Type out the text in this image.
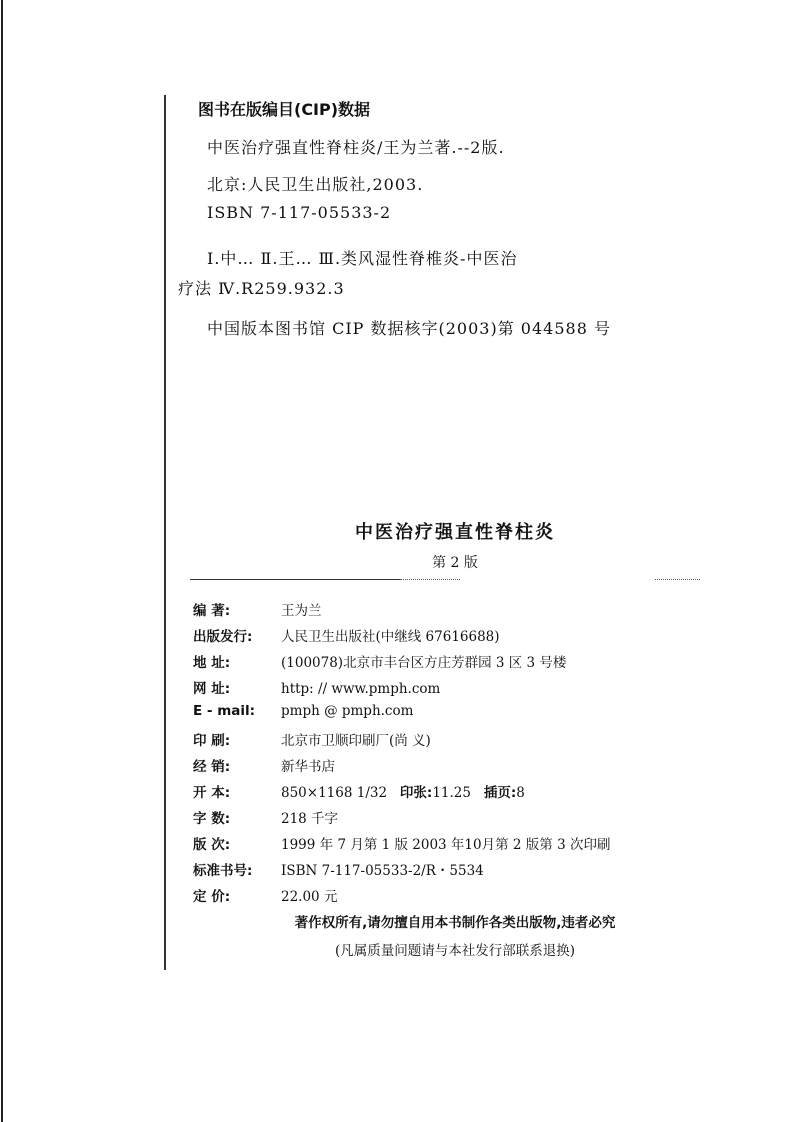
图书在版编目(CIP)数据
中医治疗强直性脊柱炎/王为兰著.--2版.
北京:人民卫生出版社,2003.
ISBN 7-117-05533-2
Ⅰ.中… Ⅱ.王… Ⅲ.类风湿性脊椎炎-中医治
疗法 Ⅳ.R259.932.3
中国版本图书馆 CIP 数据核字(2003)第 044588 号
中医治疗强直性脊柱炎
第 2 版
编 著:	王为兰
出版发行: 人民卫生出版社(中继线 67616688)
地 址:	(100078)北京市丰台区方庄芳群园 3 区 3 号楼
网 址:	http: // www.pmph.com
E - mail: pmph @ pmph.com
印 刷:	北京市卫顺印刷厂(尚 义)
经 销:	新华书店
开 本:	850×1168 1/32 印张:11.25 插页:8
字 数:	218 千字
版 次:	1999 年 7 月第 1 版 2003 年10月第 2 版第 3 次印刷
标准书号: ISBN 7-117-05533-2/R・5534
定 价:	22.00 元
著作权所有,请勿擅自用本书制作各类出版物,违者必究
(凡属质量问题请与本社发行部联系退换)
